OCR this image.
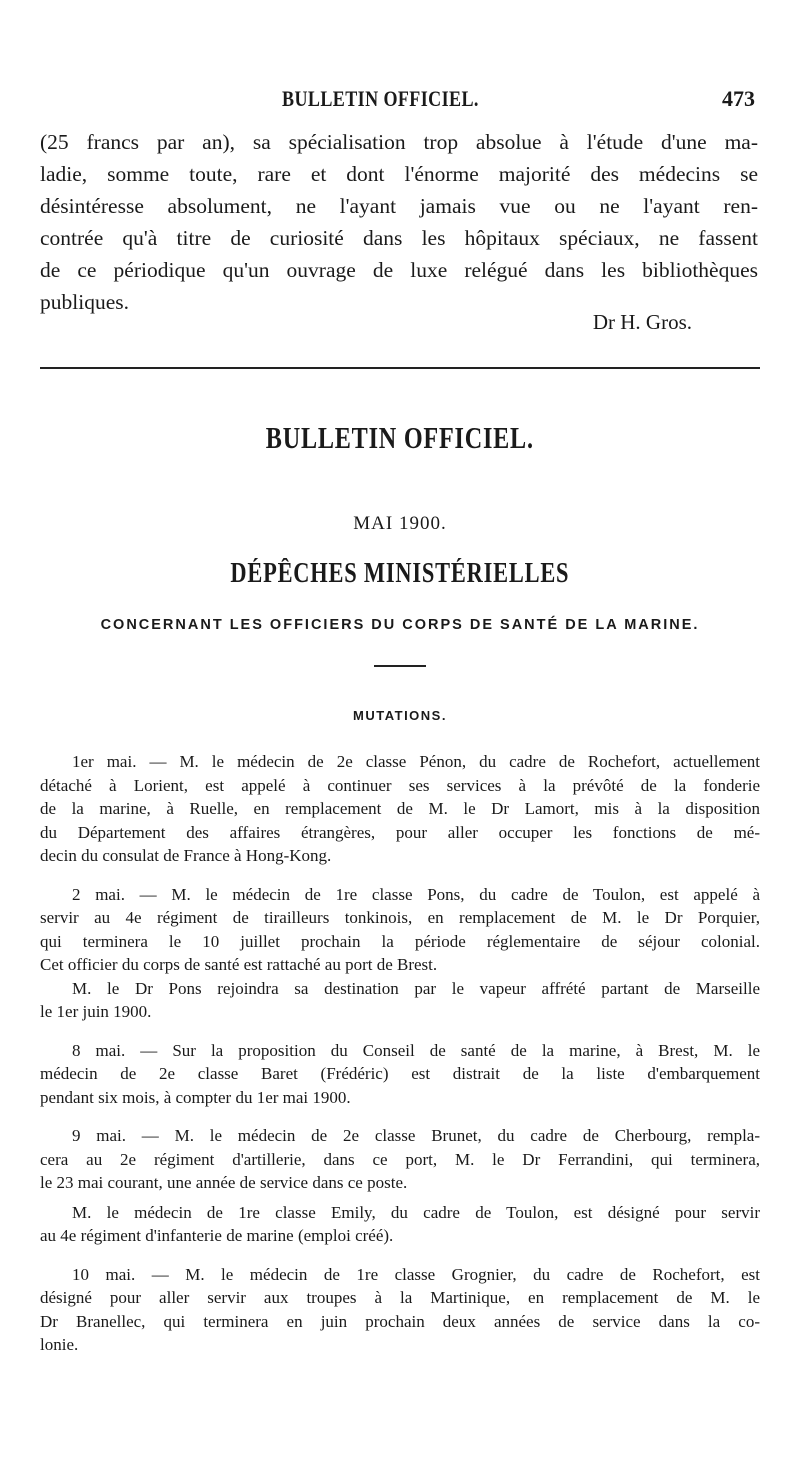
BULLETIN OFFICIEL.	473
(25 francs par an), sa spécialisation trop absolue à l'étude d'une ma-
ladie, somme toute, rare et dont l'énorme majorité des médecins se
désintéresse absolument, ne l'ayant jamais vue ou ne l'ayant ren-
contrée qu'à titre de curiosité dans les hôpitaux spéciaux, ne fassent
de ce périodique qu'un ouvrage de luxe relégué dans les bibliothèques
publiques.
Dr H. Gros.
BULLETIN OFFICIEL.
MAI 1900.
DÉPÊCHES MINISTÉRIELLES
CONCERNANT LES OFFICIERS DU CORPS DE SANTÉ DE LA MARINE.
MUTATIONS.

1er mai. — M. le médecin de 2e classe Pénon, du cadre de Rochefort, actuellement
détaché à Lorient, est appelé à continuer ses services à la prévôté de la fonderie
de la marine, à Ruelle, en remplacement de M. le Dr Lamort, mis à la disposition
du Département des affaires étrangères, pour aller occuper les fonctions de mé-
decin du consulat de France à Hong-Kong.

2 mai. — M. le médecin de 1re classe Pons, du cadre de Toulon, est appelé à
servir au 4e régiment de tirailleurs tonkinois, en remplacement de M. le Dr Porquier,
qui terminera le 10 juillet prochain la période réglementaire de séjour colonial.
Cet officier du corps de santé est rattaché au port de Brest.

M. le Dr Pons rejoindra sa destination par le vapeur affrété partant de Marseille
le 1er juin 1900.

8 mai. — Sur la proposition du Conseil de santé de la marine, à Brest, M. le
médecin de 2e classe Baret (Frédéric) est distrait de la liste d'embarquement
pendant six mois, à compter du 1er mai 1900.

9 mai. — M. le médecin de 2e classe Brunet, du cadre de Cherbourg, rempla-
cera au 2e régiment d'artillerie, dans ce port, M. le Dr Ferrandini, qui terminera,
le 23 mai courant, une année de service dans ce poste.

M. le médecin de 1re classe Emily, du cadre de Toulon, est désigné pour servir
au 4e régiment d'infanterie de marine (emploi créé).

10 mai. — M. le médecin de 1re classe Grognier, du cadre de Rochefort, est
désigné pour aller servir aux troupes à la Martinique, en remplacement de M. le
Dr Branellec, qui terminera en juin prochain deux années de service dans la co-
lonie.
